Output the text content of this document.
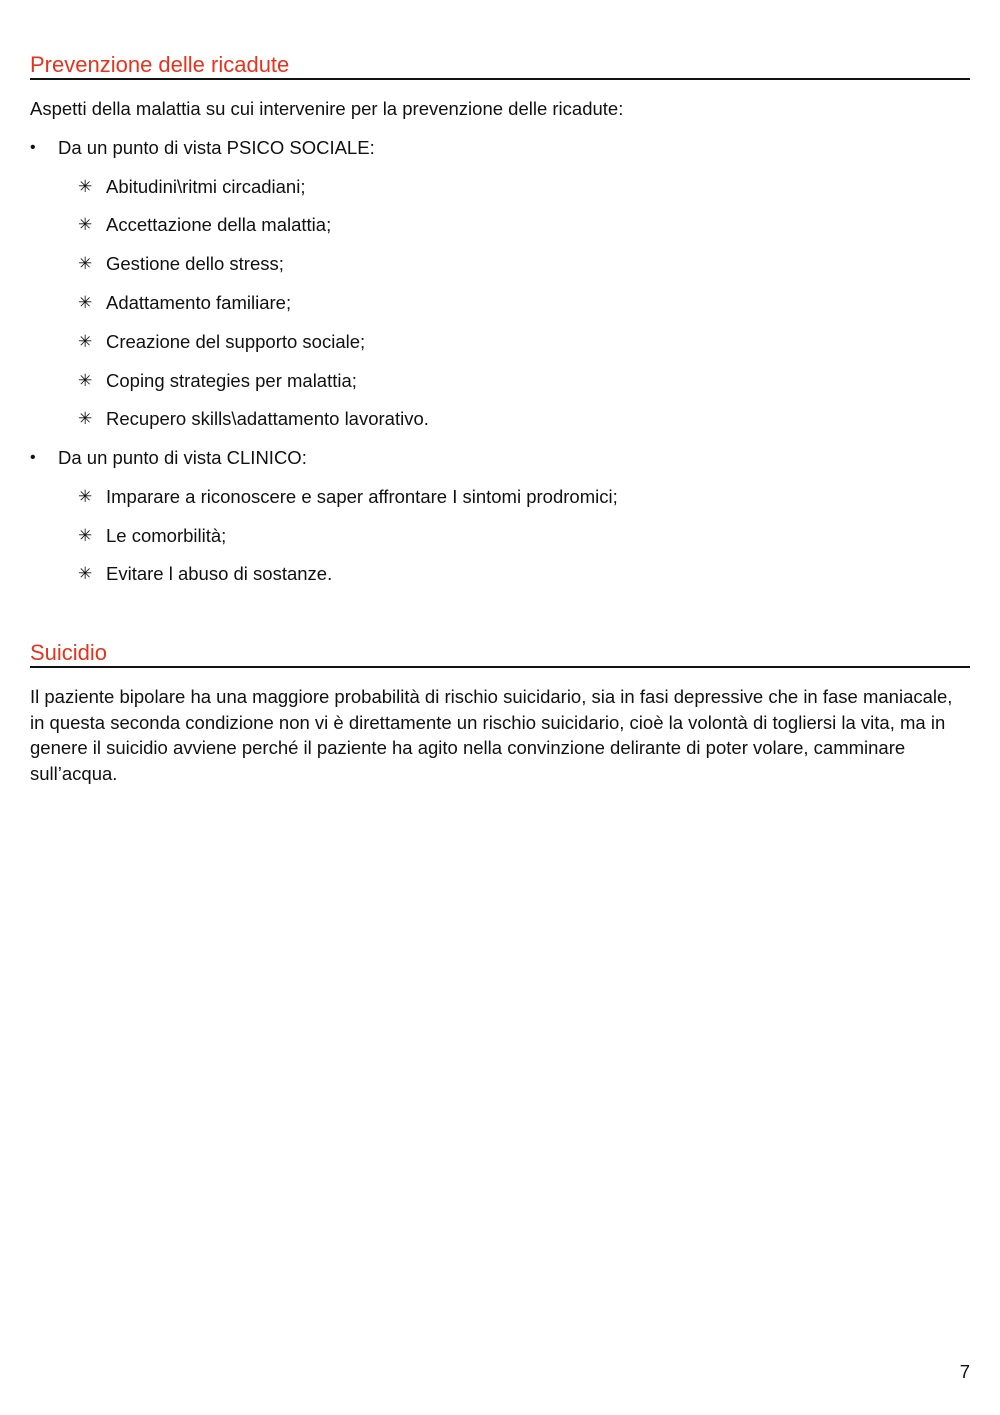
Prevenzione delle ricadute

Aspetti della malattia su cui intervenire per la prevenzione delle ricadute:

• Da un punto di vista PSICO SOCIALE:

✳ Abitudini\ritmi circadiani;

✳ Accettazione della malattia;

✳ Gestione dello stress;

✳ Adattamento familiare;

✳ Creazione del supporto sociale;

✳ Coping strategies per malattia;

✳ Recupero skills\adattamento lavorativo.

• Da un punto di vista CLINICO:

✳ Imparare a riconoscere e saper affrontare I sintomi prodromici;

✳ Le comorbilità;

✳ Evitare l abuso di sostanze.

Suicidio

Il paziente bipolare ha una maggiore probabilità di rischio suicidario, sia in fasi depressive che in fase maniacale, in questa seconda condizione non vi è direttamente un rischio suicidario, cioè la volontà di togliersi la vita, ma in genere il suicidio avviene perché il paziente ha agito nella convinzione delirante di poter volare, camminare sull’acqua.

7
